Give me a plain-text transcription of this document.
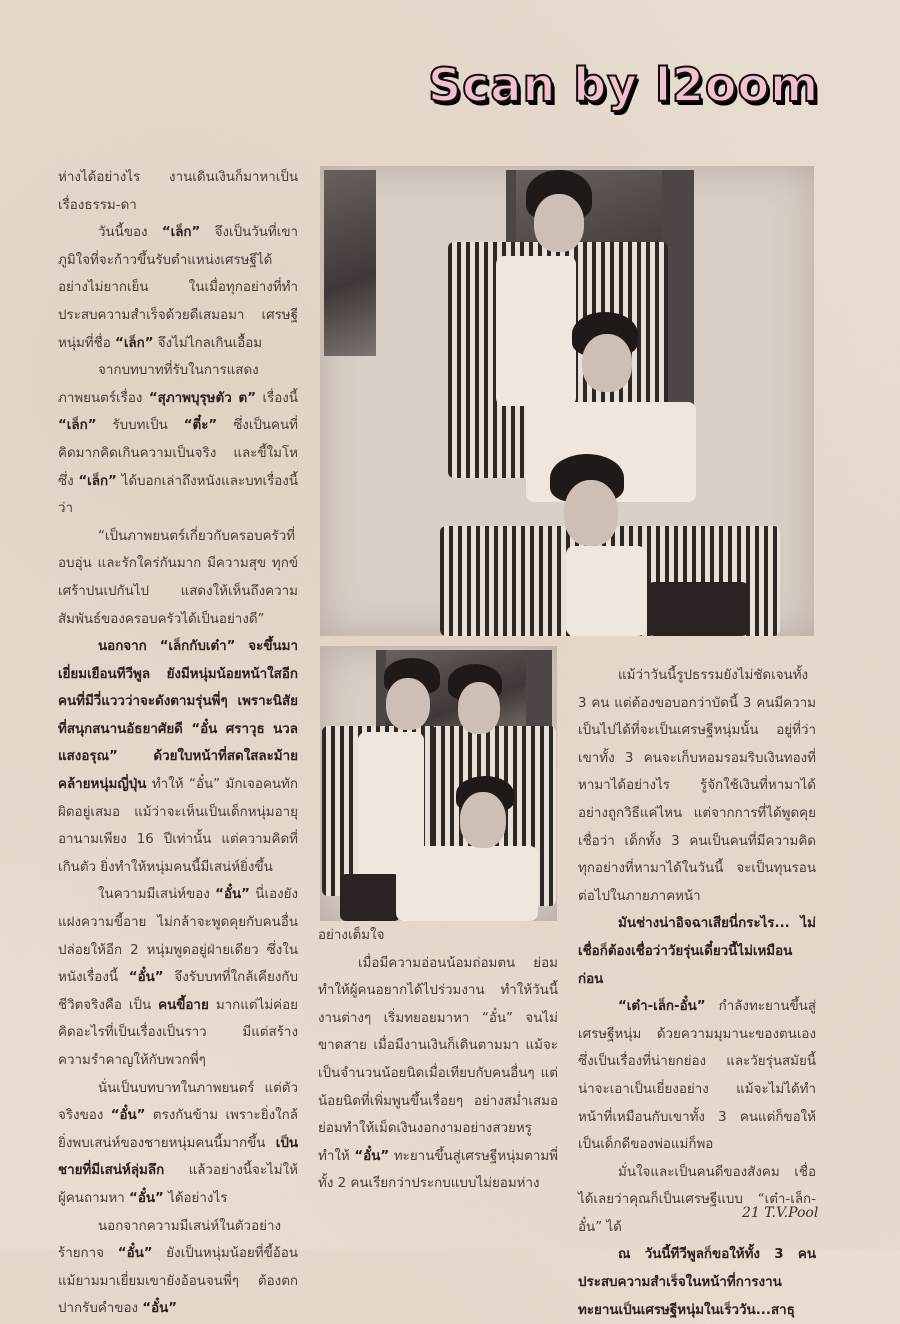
Scan by l2oom

ห่างได้อย่างไร งานเดินเงินก็มาหาเป็นเรื่องธรรม-ดา

วันนี้ของ “เล็ก” จึงเป็นวันที่เขาภูมิใจที่จะก้าวขึ้นรับตำแหน่งเศรษฐีได้อย่างไม่ยากเย็น ในเมื่อทุกอย่างที่ทำ ประสบความสำเร็จด้วยดีเสมอมา เศรษฐีหนุ่มที่ชื่อ “เล็ก” จึงไม่ไกลเกินเอื้อม

จากบทบาทที่รับในการแสดงภาพยนตร์เรื่อง “สุภาพบุรุษตัว ต” เรื่องนี้ “เล็ก” รับบทเป็น “ตี๋ะ” ซึ่งเป็นคนที่คิดมากคิดเกินความเป็นจริง และขี้ใมโหซึ่ง “เล็ก” ได้บอกเล่าถึงหนังและบทเรื่องนี้ว่า

“เป็นภาพยนตร์เกี่ยวกับครอบครัวที่อบอุ่น และรักใคร่กันมาก มีความสุข ทุกข์ เศร้าปนเปกันไป แสดงให้เห็นถึงความสัมพันธ์ของครอบครัวได้เป็นอย่างดี”

นอกจาก “เล็กกับเต๋า” จะขึ้นมาเยี่ยมเยือนทีวีพูล ยังมีหนุ่มน้อยหน้าใสอีกคนที่มีวี่แววว่าจะดังตามรุ่นพี่ๆ เพราะนิสัยที่สนุกสนานอัธยาศัยดี “อั๋น ศราวุธ นวลแสงอรุณ” ด้วยใบหน้าที่สดใสละม้ายคล้ายหนุ่มญี่ปุ่น ทำให้ “อั๋น” มักเจอคนทักผิดอยู่เสมอ แม้ว่าจะเห็นเป็นเด็กหนุ่มอายุอานามเพียง 16 ปีเท่านั้น แต่ความคิดที่เกินตัว ยิ่งทำให้หนุ่มคนนี้มีเสน่ห์ยิ่งขึ้น

ในความมีเสน่ห์ของ “อั๋น” นี่เองยังแฝงความขี้อาย ไม่กล้าจะพูดคุยกับคนอื่น ปล่อยให้อีก 2 หนุ่มพูดอยู่ฝ่ายเดียว ซึ่งในหนังเรื่องนี้ “อั๋น” จึงรับบทที่ใกล้เคียงกับชีวิตจริงคือ เป็น คนขี้อาย มากแต่ไม่ค่อยคิดอะไรที่เป็นเรื่องเป็นราว มีแต่สร้างความรำคาญให้กับพวกพี่ๆ

นั่นเป็นบทบาทในภาพยนตร์ แต่ตัวจริงของ “อั๋น” ตรงกันข้าม เพราะยิ่งใกล้ยิ่งพบเสน่ห์ของชายหนุ่มคนนี้มากขึ้น เป็นชายที่มีเสน่ห์ลุ่มลึก แล้วอย่างนี้จะไม่ให้ผู้คนถามหา “อั๋น” ได้อย่างไร

นอกจากความมีเสน่ห์ในตัวอย่างร้ายกาจ “อั๋น” ยังเป็นหนุ่มน้อยที่ขี้อ้อน แม้ยามมาเยี่ยมเขายังอ้อนจนพี่ๆ ต้องตกปากรับคำของ “อั๋น”

อย่างเต็มใจ

เมื่อมีความอ่อนน้อมถ่อมตน ย่อมทำให้ผู้คนอยากได้ไปร่วมงาน ทำให้วันนี้งานต่างๆ เริ่มทยอยมาหา “อั๋น” จนไม่ขาดสาย เมื่อมีงานเงินก็เดินตามมา แม้จะเป็นจำนวนน้อยนิดเมื่อเทียบกับคนอื่นๆ แต่น้อยนิดที่เพิ่มพูนขึ้นเรื่อยๆ อย่างสม่ำเสมอ ย่อมทำให้เม็ดเงินงอกงามอย่างสวยหรู ทำให้ “อั๋น” ทะยานขึ้นสู่เศรษฐีหนุ่มตามพี่ทั้ง 2 คนเรียกว่าประกบแบบไม่ยอมห่าง

แม้ว่าวันนี้รูปธรรมยังไม่ชัดเจนทั้ง 3 คน แต่ต้องขอบอกว่าบัดนี้ 3 คนมีความเป็นไปได้ที่จะเป็นเศรษฐีหนุ่มนั้น อยู่ที่ว่าเขาทั้ง 3 คนจะเก็บหอมรอมริบเงินทองที่หามาได้อย่างไร รู้จักใช้เงินที่หามาได้อย่างถูกวิธีแค่ไหน แต่จากการที่ได้พูดคุยเชื่อว่า เด็กทั้ง 3 คนเป็นคนที่มีความคิด ทุกอย่างที่หามาได้ในวันนี้ จะเป็นทุนรอนต่อไปในภายภาคหน้า

มันช่างน่าอิจฉาเสียนี่กระไร... ไม่เชื่อก็ต้องเชื่อว่าวัยรุ่นเดี๋ยวนี้ไม่เหมือนก่อน

“เต๋า-เล็ก-อั๋น” กำลังทะยานขึ้นสู่เศรษฐีหนุ่ม ด้วยความมุมานะของตนเองซึ่งเป็นเรื่องที่น่ายกย่อง และวัยรุ่นสมัยนี้น่าจะเอาเป็นเยี่ยงอย่าง แม้จะไม่ได้ทำหน้าที่เหมือนกับเขาทั้ง 3 คนแต่ก็ขอให้เป็นเด็กดีของพ่อแม่ก็พอ

มั่นใจและเป็นคนดีของสังคม เชื่อได้เลยว่าคุณก็เป็นเศรษฐีแบบ “เต๋า-เล็ก-อั๋น” ได้

ณ วันนี้ทีวีพูลก็ขอให้ทั้ง 3 คนประสบความสำเร็จในหน้าที่การงาน ทะยานเป็นเศรษฐีหนุ่มในเร็ววัน...สาธุ

21 T.V.Pool
